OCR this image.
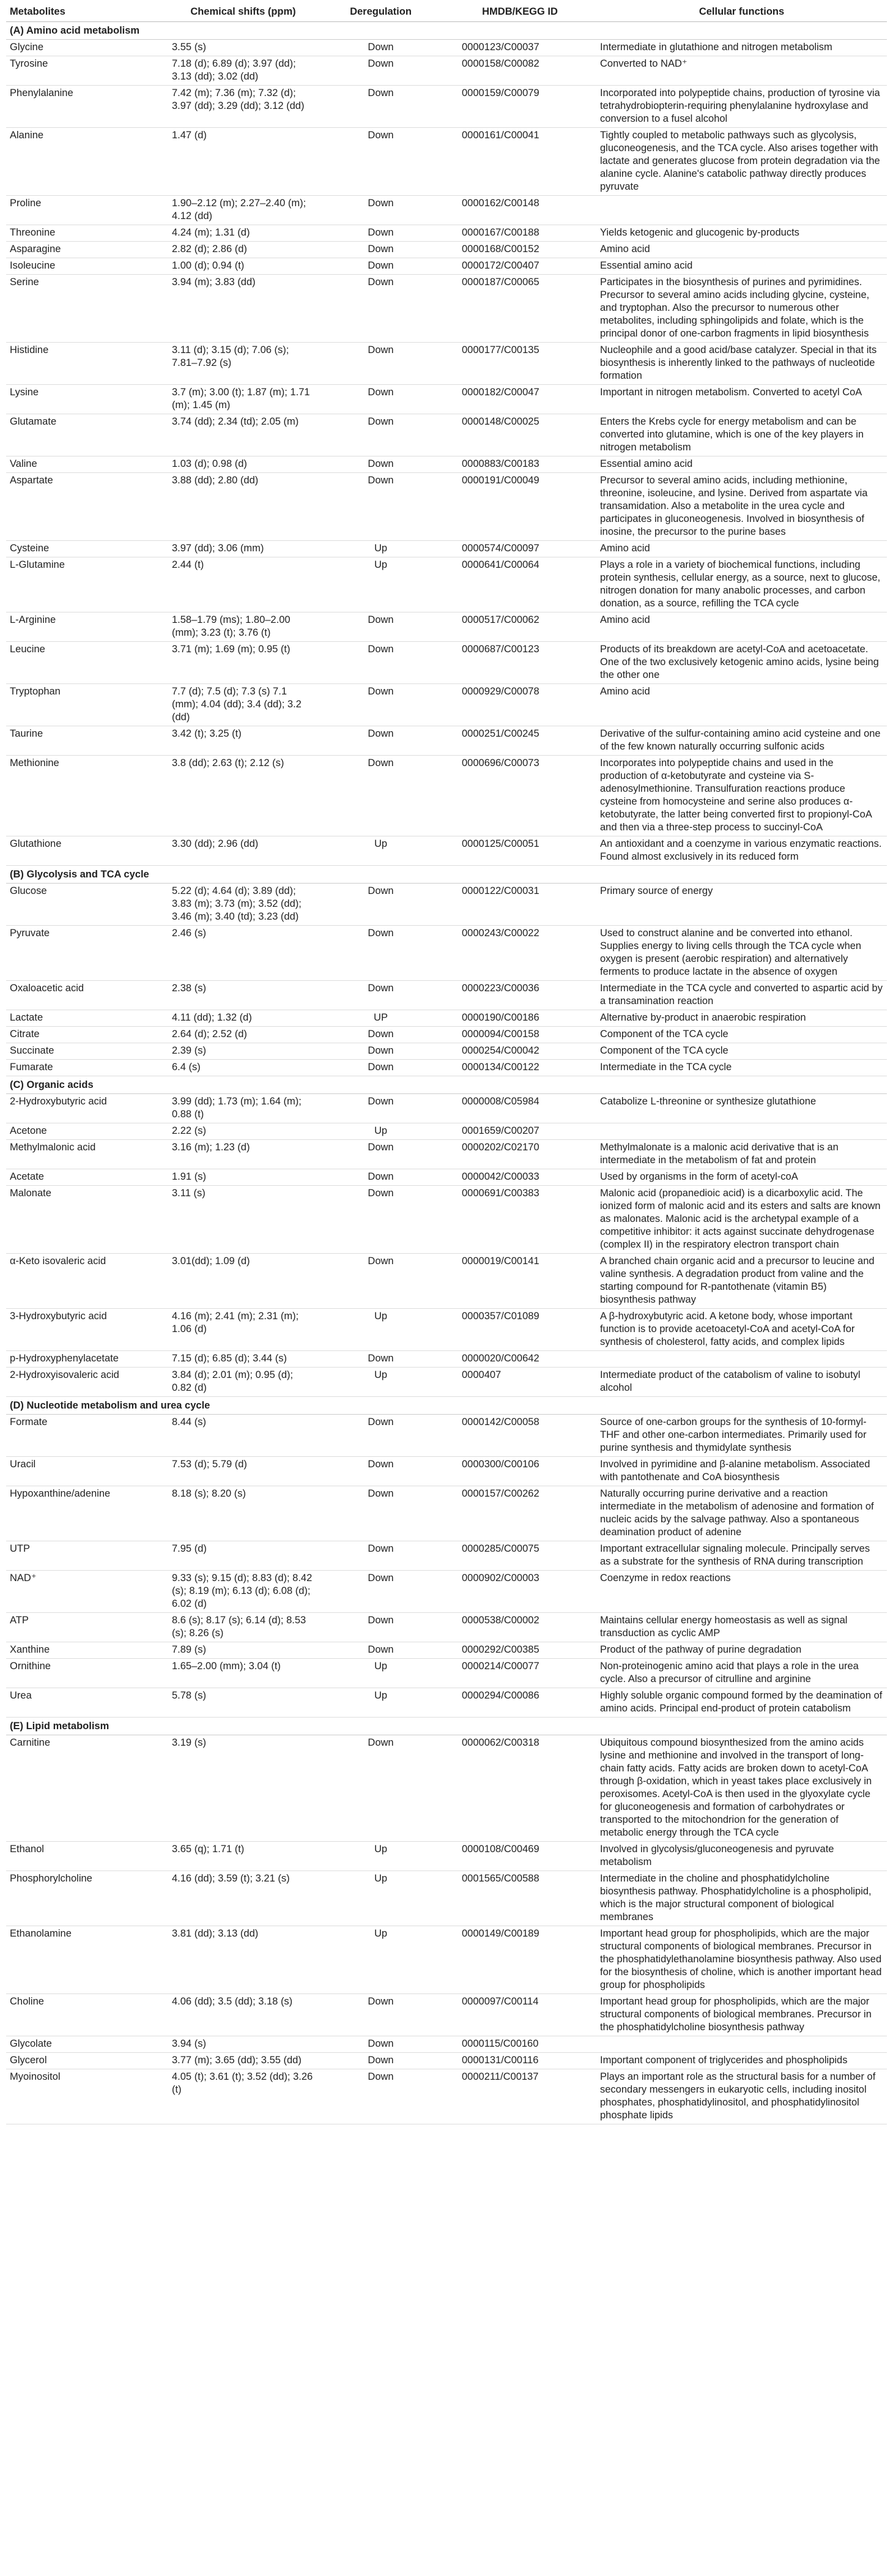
Metabolites	Chemical shifts (ppm)	Deregulation	HMDB/KEGG ID	Cellular functions
(A) Amino acid metabolism				
Glycine	3.55 (s)	Down	0000123/C00037	Intermediate in glutathione and nitrogen metabolism
Tyrosine	7.18 (d); 6.89 (d); 3.97 (dd); 3.13 (dd); 3.02 (dd)	Down	0000158/C00082	Converted to NAD⁺
Phenylalanine	7.42 (m); 7.36 (m); 7.32 (d); 3.97 (dd); 3.29 (dd); 3.12 (dd)	Down	0000159/C00079	Incorporated into polypeptide chains, production of tyrosine via tetrahydrobiopterin-requiring phenylalanine hydroxylase and conversion to a fusel alcohol
Alanine	1.47 (d)	Down	0000161/C00041	Tightly coupled to metabolic pathways such as glycolysis, gluconeogenesis, and the TCA cycle. Also arises together with lactate and generates glucose from protein degradation via the alanine cycle. Alanine's catabolic pathway directly produces pyruvate
Proline	1.90–2.12 (m); 2.27–2.40 (m); 4.12 (dd)	Down	0000162/C00148	
Threonine	4.24 (m); 1.31 (d)	Down	0000167/C00188	Yields ketogenic and glucogenic by-products
Asparagine	2.82 (d); 2.86 (d)	Down	0000168/C00152	Amino acid
Isoleucine	1.00 (d); 0.94 (t)	Down	0000172/C00407	Essential amino acid
Serine	3.94 (m); 3.83 (dd)	Down	0000187/C00065	Participates in the biosynthesis of purines and pyrimidines. Precursor to several amino acids including glycine, cysteine, and tryptophan. Also the precursor to numerous other metabolites, including sphingolipids and folate, which is the principal donor of one-carbon fragments in lipid biosynthesis
Histidine	3.11 (d); 3.15 (d); 7.06 (s); 7.81–7.92 (s)	Down	0000177/C00135	Nucleophile and a good acid/base catalyzer. Special in that its biosynthesis is inherently linked to the pathways of nucleotide formation
Lysine	3.7 (m); 3.00 (t); 1.87 (m); 1.71 (m); 1.45 (m)	Down	0000182/C00047	Important in nitrogen metabolism. Converted to acetyl CoA
Glutamate	3.74 (dd); 2.34 (td); 2.05 (m)	Down	0000148/C00025	Enters the Krebs cycle for energy metabolism and can be converted into glutamine, which is one of the key players in nitrogen metabolism
Valine	1.03 (d); 0.98 (d)	Down	0000883/C00183	Essential amino acid
Aspartate	3.88 (dd); 2.80 (dd)	Down	0000191/C00049	Precursor to several amino acids, including methionine, threonine, isoleucine, and lysine. Derived from aspartate via transamidation. Also a metabolite in the urea cycle and participates in gluconeogenesis. Involved in biosynthesis of inosine, the precursor to the purine bases
Cysteine	3.97 (dd); 3.06 (mm)	Up	0000574/C00097	Amino acid
L-Glutamine	2.44 (t)	Up	0000641/C00064	Plays a role in a variety of biochemical functions, including protein synthesis, cellular energy, as a source, next to glucose, nitrogen donation for many anabolic processes, and carbon donation, as a source, refilling the TCA cycle
L-Arginine	1.58–1.79 (ms); 1.80–2.00 (mm); 3.23 (t); 3.76 (t)	Down	0000517/C00062	Amino acid
Leucine	3.71 (m); 1.69 (m); 0.95 (t)	Down	0000687/C00123	Products of its breakdown are acetyl-CoA and acetoacetate. One of the two exclusively ketogenic amino acids, lysine being the other one
Tryptophan	7.7 (d); 7.5 (d); 7.3 (s) 7.1 (mm); 4.04 (dd); 3.4 (dd); 3.2 (dd)	Down	0000929/C00078	Amino acid
Taurine	3.42 (t); 3.25 (t)	Down	0000251/C00245	Derivative of the sulfur-containing amino acid cysteine and one of the few known naturally occurring sulfonic acids
Methionine	3.8 (dd); 2.63 (t); 2.12 (s)	Down	0000696/C00073	Incorporates into polypeptide chains and used in the production of α-ketobutyrate and cysteine via S-adenosylmethionine. Transulfuration reactions produce cysteine from homocysteine and serine also produces α-ketobutyrate, the latter being converted first to propionyl-CoA and then via a three-step process to succinyl-CoA
Glutathione	3.30 (dd); 2.96 (dd)	Up	0000125/C00051	An antioxidant and a coenzyme in various enzymatic reactions. Found almost exclusively in its reduced form
(B) Glycolysis and TCA cycle				
Glucose	5.22 (d); 4.64 (d); 3.89 (dd); 3.83 (m); 3.73 (m); 3.52 (dd); 3.46 (m); 3.40 (td); 3.23 (dd)	Down	0000122/C00031	Primary source of energy
Pyruvate	2.46 (s)	Down	0000243/C00022	Used to construct alanine and be converted into ethanol. Supplies energy to living cells through the TCA cycle when oxygen is present (aerobic respiration) and alternatively ferments to produce lactate in the absence of oxygen
Oxaloacetic acid	2.38 (s)	Down	0000223/C00036	Intermediate in the TCA cycle and converted to aspartic acid by a transamination reaction
Lactate	4.11 (dd); 1.32 (d)	UP	0000190/C00186	Alternative by-product in anaerobic respiration
Citrate	2.64 (d); 2.52 (d)	Down	0000094/C00158	Component of the TCA cycle
Succinate	2.39 (s)	Down	0000254/C00042	Component of the TCA cycle
Fumarate	6.4 (s)	Down	0000134/C00122	Intermediate in the TCA cycle
(C) Organic acids				
2-Hydroxybutyric acid	3.99 (dd); 1.73 (m); 1.64 (m); 0.88 (t)	Down	0000008/C05984	Catabolize L-threonine or synthesize glutathione
Acetone	2.22 (s)	Up	0001659/C00207	
Methylmalonic acid	3.16 (m); 1.23 (d)	Down	0000202/C02170	Methylmalonate is a malonic acid derivative that is an intermediate in the metabolism of fat and protein
Acetate	1.91 (s)	Down	0000042/C00033	Used by organisms in the form of acetyl-coA
Malonate	3.11 (s)	Down	0000691/C00383	Malonic acid (propanedioic acid) is a dicarboxylic acid. The ionized form of malonic acid and its esters and salts are known as malonates. Malonic acid is the archetypal example of a competitive inhibitor: it acts against succinate dehydrogenase (complex II) in the respiratory electron transport chain
α-Keto isovaleric acid	3.01(dd); 1.09 (d)	Down	0000019/C00141	A branched chain organic acid and a precursor to leucine and valine synthesis. A degradation product from valine and the starting compound for R-pantothenate (vitamin B5) biosynthesis pathway
3-Hydroxybutyric acid	4.16 (m); 2.41 (m); 2.31 (m); 1.06 (d)	Up	0000357/C01089	A β-hydroxybutyric acid. A ketone body, whose important function is to provide acetoacetyl-CoA and acetyl-CoA for synthesis of cholesterol, fatty acids, and complex lipids
p-Hydroxyphenylacetate	7.15 (d); 6.85 (d); 3.44 (s)	Down	0000020/C00642	
2-Hydroxyisovaleric acid	3.84 (d); 2.01 (m); 0.95 (d); 0.82 (d)	Up	0000407	Intermediate product of the catabolism of valine to isobutyl alcohol
(D) Nucleotide metabolism and urea cycle				
Formate	8.44 (s)	Down	0000142/C00058	Source of one-carbon groups for the synthesis of 10-formyl-THF and other one-carbon intermediates. Primarily used for purine synthesis and thymidylate synthesis
Uracil	7.53 (d); 5.79 (d)	Down	0000300/C00106	Involved in pyrimidine and β-alanine metabolism. Associated with pantothenate and CoA biosynthesis
Hypoxanthine/adenine	8.18 (s); 8.20 (s)	Down	0000157/C00262	Naturally occurring purine derivative and a reaction intermediate in the metabolism of adenosine and formation of nucleic acids by the salvage pathway. Also a spontaneous deamination product of adenine
UTP	7.95 (d)	Down	0000285/C00075	Important extracellular signaling molecule. Principally serves as a substrate for the synthesis of RNA during transcription
NAD⁺	9.33 (s); 9.15 (d); 8.83 (d); 8.42 (s); 8.19 (m); 6.13 (d); 6.08 (d); 6.02 (d)	Down	0000902/C00003	Coenzyme in redox reactions
ATP	8.6 (s); 8.17 (s); 6.14 (d); 8.53 (s); 8.26 (s)	Down	0000538/C00002	Maintains cellular energy homeostasis as well as signal transduction as cyclic AMP
Xanthine	7.89 (s)	Down	0000292/C00385	Product of the pathway of purine degradation
Ornithine	1.65–2.00 (mm); 3.04 (t)	Up	0000214/C00077	Non-proteinogenic amino acid that plays a role in the urea cycle. Also a precursor of citrulline and arginine
Urea	5.78 (s)	Up	0000294/C00086	Highly soluble organic compound formed by the deamination of amino acids. Principal end-product of protein catabolism
(E) Lipid metabolism				
Carnitine	3.19 (s)	Down	0000062/C00318	Ubiquitous compound biosynthesized from the amino acids lysine and methionine and involved in the transport of long-chain fatty acids. Fatty acids are broken down to acetyl-CoA through β-oxidation, which in yeast takes place exclusively in peroxisomes. Acetyl-CoA is then used in the glyoxylate cycle for gluconeogenesis and formation of carbohydrates or transported to the mitochondrion for the generation of metabolic energy through the TCA cycle
Ethanol	3.65 (q); 1.71 (t)	Up	0000108/C00469	Involved in glycolysis/gluconeogenesis and pyruvate metabolism
Phosphorylcholine	4.16 (dd); 3.59 (t); 3.21 (s)	Up	0001565/C00588	Intermediate in the choline and phosphatidylcholine biosynthesis pathway. Phosphatidylcholine is a phospholipid, which is the major structural component of biological membranes
Ethanolamine	3.81 (dd); 3.13 (dd)	Up	0000149/C00189	Important head group for phospholipids, which are the major structural components of biological membranes. Precursor in the phosphatidylethanolamine biosynthesis pathway. Also used for the biosynthesis of choline, which is another important head group for phospholipids
Choline	4.06 (dd); 3.5 (dd); 3.18 (s)	Down	0000097/C00114	Important head group for phospholipids, which are the major structural components of biological membranes. Precursor in the phosphatidylcholine biosynthesis pathway
Glycolate	3.94 (s)	Down	0000115/C00160	
Glycerol	3.77 (m); 3.65 (dd); 3.55 (dd)	Down	0000131/C00116	Important component of triglycerides and phospholipids
Myoinositol	4.05 (t); 3.61 (t); 3.52 (dd); 3.26 (t)	Down	0000211/C00137	Plays an important role as the structural basis for a number of secondary messengers in eukaryotic cells, including inositol phosphates, phosphatidylinositol, and phosphatidylinositol phosphate lipids
